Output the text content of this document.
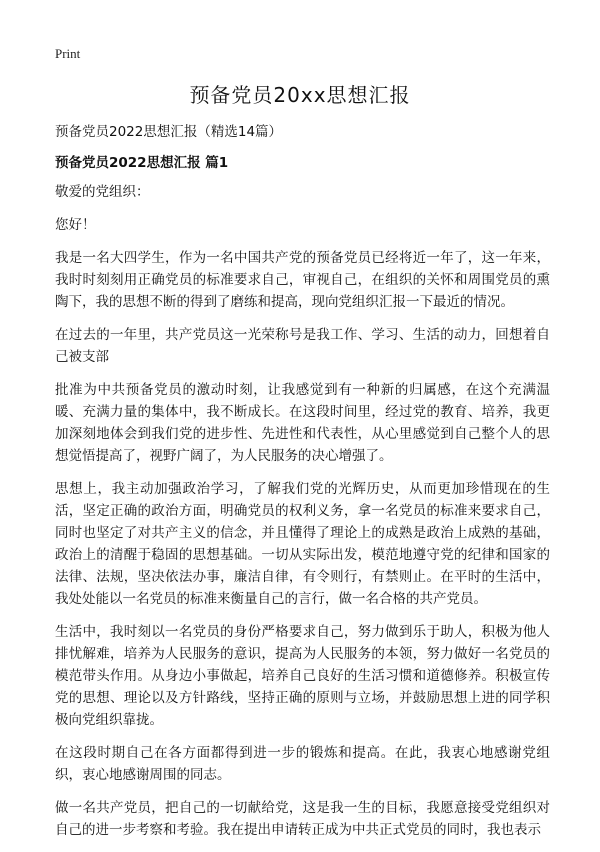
Print
预备党员20xx思想汇报

预备党员2022思想汇报（精选14篇）

预备党员2022思想汇报 篇1

敬爱的党组织：

您好！

我是一名大四学生，作为一名中国共产党的预备党员已经将近一年了，这一年来，我时时刻刻用正确党员的标准要求自己，审视自己，在组织的关怀和周围党员的熏陶下，我的思想不断的得到了磨练和提高，现向党组织汇报一下最近的情况。

在过去的一年里，共产党员这一光荣称号是我工作、学习、生活的动力，回想着自己被支部

批准为中共预备党员的激动时刻，让我感觉到有一种新的归属感，在这个充满温暖、充满力量的集体中，我不断成长。在这段时间里，经过党的教育、培养，我更加深刻地体会到我们党的进步性、先进性和代表性，从心里感觉到自己整个人的思想觉悟提高了，视野广阔了，为人民服务的决心增强了。

思想上，我主动加强政治学习，了解我们党的光辉历史，从而更加珍惜现在的生活，坚定正确的政治方面，明确党员的权利义务，拿一名党员的标准来要求自己，同时也坚定了对共产主义的信念，并且懂得了理论上的成熟是政治上成熟的基础，政治上的清醒于稳固的思想基础。一切从实际出发，模范地遵守党的纪律和国家的法律、法规，坚决依法办事，廉洁自律，有令则行，有禁则止。在平时的生活中，我处处能以一名党员的标准来衡量自己的言行，做一名合格的共产党员。

生活中，我时刻以一名党员的身份严格要求自己，努力做到乐于助人，积极为他人排忧解难，培养为人民服务的意识，提高为人民服务的本领，努力做好一名党员的模范带头作用。从身边小事做起，培养自己良好的生活习惯和道德修养。积极宣传党的思想、理论以及方针路线，坚持正确的原则与立场，并鼓励思想上进的同学积极向党组织靠拢。

在这段时期自己在各方面都得到进一步的锻炼和提高。在此，我衷心地感谢党组织，衷心地感谢周围的同志。

做一名共产党员，把自己的一切献给党，这是我一生的目标，我愿意接受党组织对自己的进一步考察和考验。我在提出申请转正成为中共正式党员的同时，我也表示
